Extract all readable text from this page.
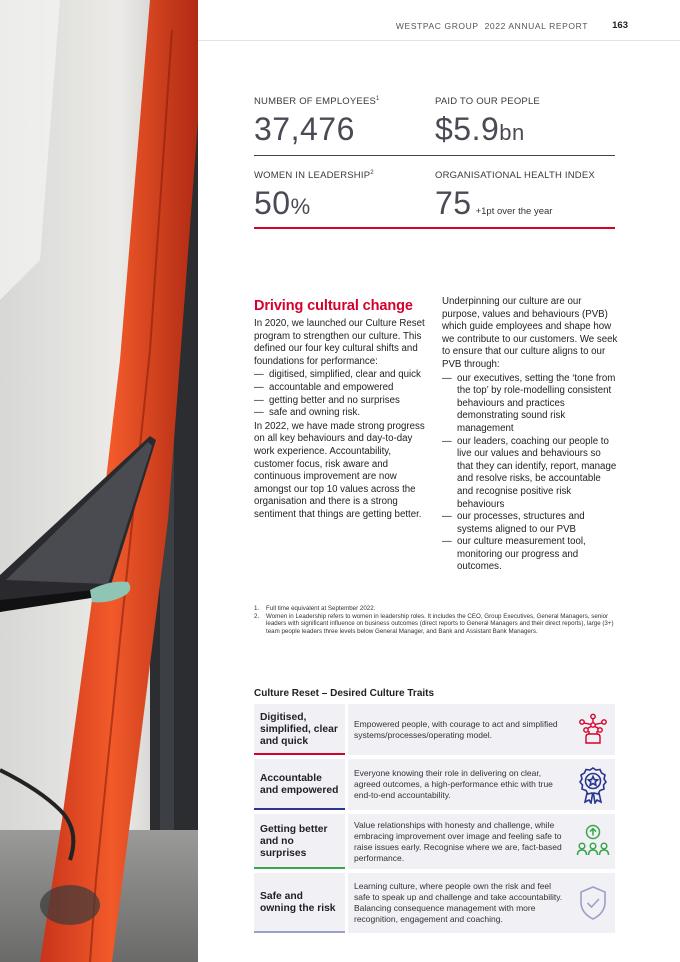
WESTPAC GROUP 2022 ANNUAL REPORT	163
NUMBER OF EMPLOYEES$^1$
37,476
PAID TO OUR PEOPLE
$5.9bn
WOMEN IN LEADERSHIP$^2$
50%
ORGANISATIONAL HEALTH INDEX
75 +1pt over the year
Driving cultural change

In 2020, we launched our Culture Reset program to strengthen our culture. This defined our four key cultural shifts and foundations for performance:

— digitised, simplified, clear and quick
— accountable and empowered
— getting better and no surprises
— safe and owning risk.

In 2022, we have made strong progress on all key behaviours and day-to-day work experience. Accountability, customer focus, risk aware and continuous improvement are now amongst our top 10 values across the organisation and there is a strong sentiment that things are getting better.

Underpinning our culture are our purpose, values and behaviours (PVB) which guide employees and shape how we contribute to our customers. We seek to ensure that our culture aligns to our PVB through:

— our executives, setting the ‘tone from the top’ by role-modelling consistent behaviours and practices demonstrating sound risk management
— our leaders, coaching our people to live our values and behaviours so that they can identify, report, manage and resolve risks, be accountable and recognise positive risk behaviours
— our processes, structures and systems aligned to our PVB
— our culture measurement tool, monitoring our progress and outcomes.
1. Full time equivalent at September 2022.
2. Women in Leadership refers to women in leadership roles. It includes the CEO, Group Executives, General Managers, senior leaders with significant influence on business outcomes (direct reports to General Managers and their direct reports), large (3+) team people leaders three levels below General Manager, and Bank and Assistant Bank Managers.
Culture Reset – Desired Culture Traits
Digitised, simplified, clear and quick
Empowered people, with courage to act and simplified systems/processes/operating model.
Accountable and empowered
Everyone knowing their role in delivering on clear, agreed outcomes, a high-performance ethic with true end-to-end accountability.
Getting better and no surprises
Value relationships with honesty and challenge, while embracing improvement over image and feeling safe to raise issues early. Recognise where we are, fact-based performance.
Safe and owning the risk
Learning culture, where people own the risk and feel safe to speak up and challenge and take accountability. Balancing consequence management with more recognition, engagement and coaching.
